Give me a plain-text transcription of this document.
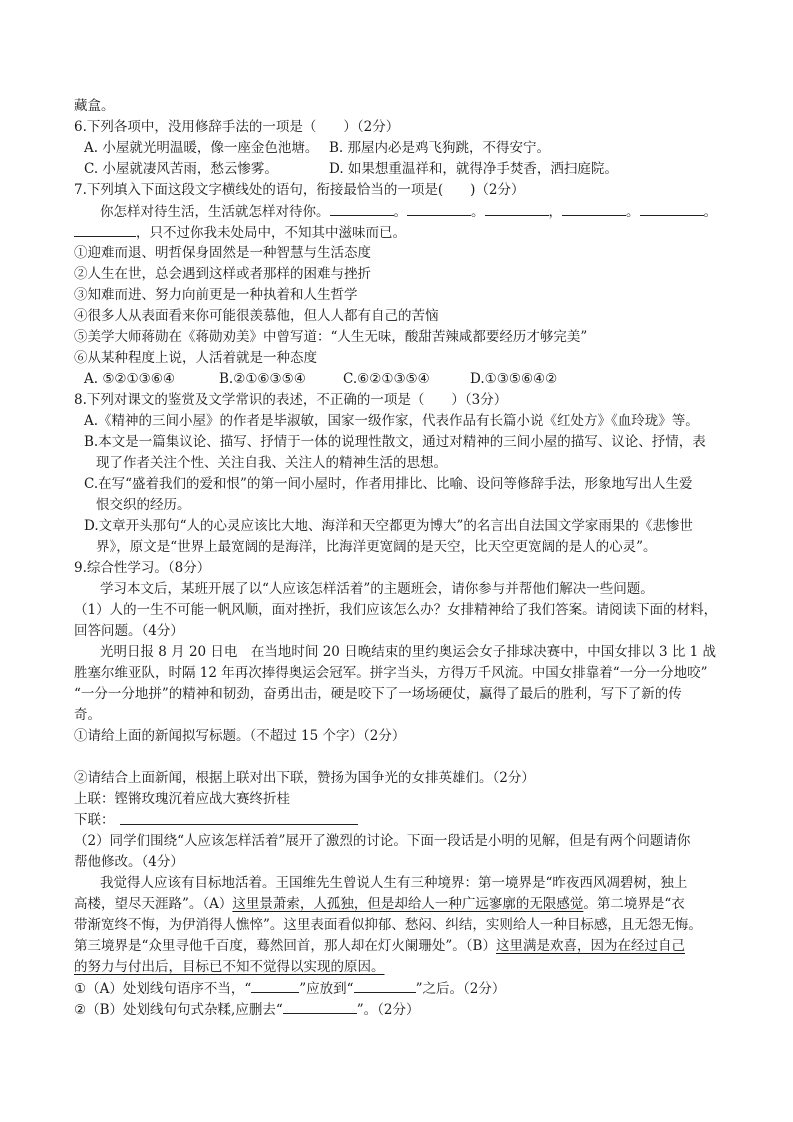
藏盒。
6.下列各项中，没用修辞手法的一项是（　　）（2分）
A. 小屋就光明温暖，像一座金色池塘。 B. 那屋内必是鸡飞狗跳，不得安宁。
C. 小屋就凄风苦雨，愁云惨雾。	D. 如果想重温祥和，就得净手焚香，洒扫庭院。
7.下列填入下面这段文字横线处的语句，衔接最恰当的一项是(　　)（2分）
你怎样对待生活，生活就怎样对待你。	。	。	，	。	。
，只不过你我未处局中，不知其中滋味而已。
①迎难而退、明哲保身固然是一种智慧与生活态度
②人生在世，总会遇到这样或者那样的困难与挫折
③知难而进、努力向前更是一种执着和人生哲学
④很多人从表面看来你可能很羡慕他，但人人都有自己的苦恼
⑤美学大师蒋勋在《蒋勋劝美》中曾写道：“人生无味，酸甜苦辣咸都要经历才够完美”
⑥从某种程度上说，人活着就是一种态度
A. ⑤②①③⑥④	B.②①⑥③⑤④	C.⑥②①③⑤④	D.①③⑤⑥④②
8.下列对课文的鉴赏及文学常识的表述，不正确的一项是（　　）（3分）
A.《精神的三间小屋》的作者是毕淑敏，国家一级作家，代表作品有长篇小说《红处方》《血玲珑》等。
B.本文是一篇集议论、描写、抒情于一体的说理性散文，通过对精神的三间小屋的描写、议论、抒情，表
现了作者关注个性、关注自我、关注人的精神生活的思想。
C.在写“盛着我们的爱和恨”的第一间小屋时，作者用排比、比喻、设问等修辞手法，形象地写出人生爱
恨交织的经历。
D.文章开头那句“人的心灵应该比大地、海洋和天空都更为博大”的名言出自法国文学家雨果的《悲惨世
界》，原文是“世界上最宽阔的是海洋，比海洋更宽阔的是天空，比天空更宽阔的是人的心灵”。
9.综合性学习。（8分）
学习本文后，某班开展了以“人应该怎样活着”的主题班会，请你参与并帮他们解决一些问题。
（1）人的一生不可能一帆风顺，面对挫折，我们应该怎么办？女排精神给了我们答案。请阅读下面的材料，
回答问题。（4分）
光明日报 8 月 20 日电　在当地时间 20 日晚结束的里约奥运会女子排球决赛中，中国女排以 3 比 1 战
胜塞尔维亚队，时隔 12 年再次捧得奥运会冠军。拼字当头，方得万千风流。中国女排靠着“一分一分地咬”
“一分一分地拼”的精神和韧劲，奋勇出击，硬是咬下了一场场硬仗，赢得了最后的胜利，写下了新的传
奇。
①请给上面的新闻拟写标题。（不超过 15 个字）（2分）
②请结合上面新闻，根据上联对出下联，赞扬为国争光的女排英雄们。（2分）
上联：铿锵玫瑰沉着应战大赛终折桂
下联：
（2）同学们围绕“人应该怎样活着”展开了激烈的讨论。下面一段话是小明的见解，但是有两个问题请你
帮他修改。（4分）
我觉得人应该有目标地活着。王国维先生曾说人生有三种境界：第一境界是“昨夜西风凋碧树，独上
高楼，望尽天涯路”。（A）这里景萧索，人孤独，但是却给人一种广远寥廓的无限感觉。第二境界是“衣
带渐宽终不悔，为伊消得人憔悴”。这里表面看似抑郁、愁闷、纠结，实则给人一种目标感，且无怨无悔。
第三境界是“众里寻他千百度，蓦然回首，那人却在灯火阑珊处”。（B）这里满是欢喜，因为在经过自己
的努力与付出后，目标已不知不觉得以实现的原因。
①（A）处划线句语序不当，“	”应放到“	”之后。（2分）
②（B）处划线句句式杂糅,应删去“	”。（2分）
